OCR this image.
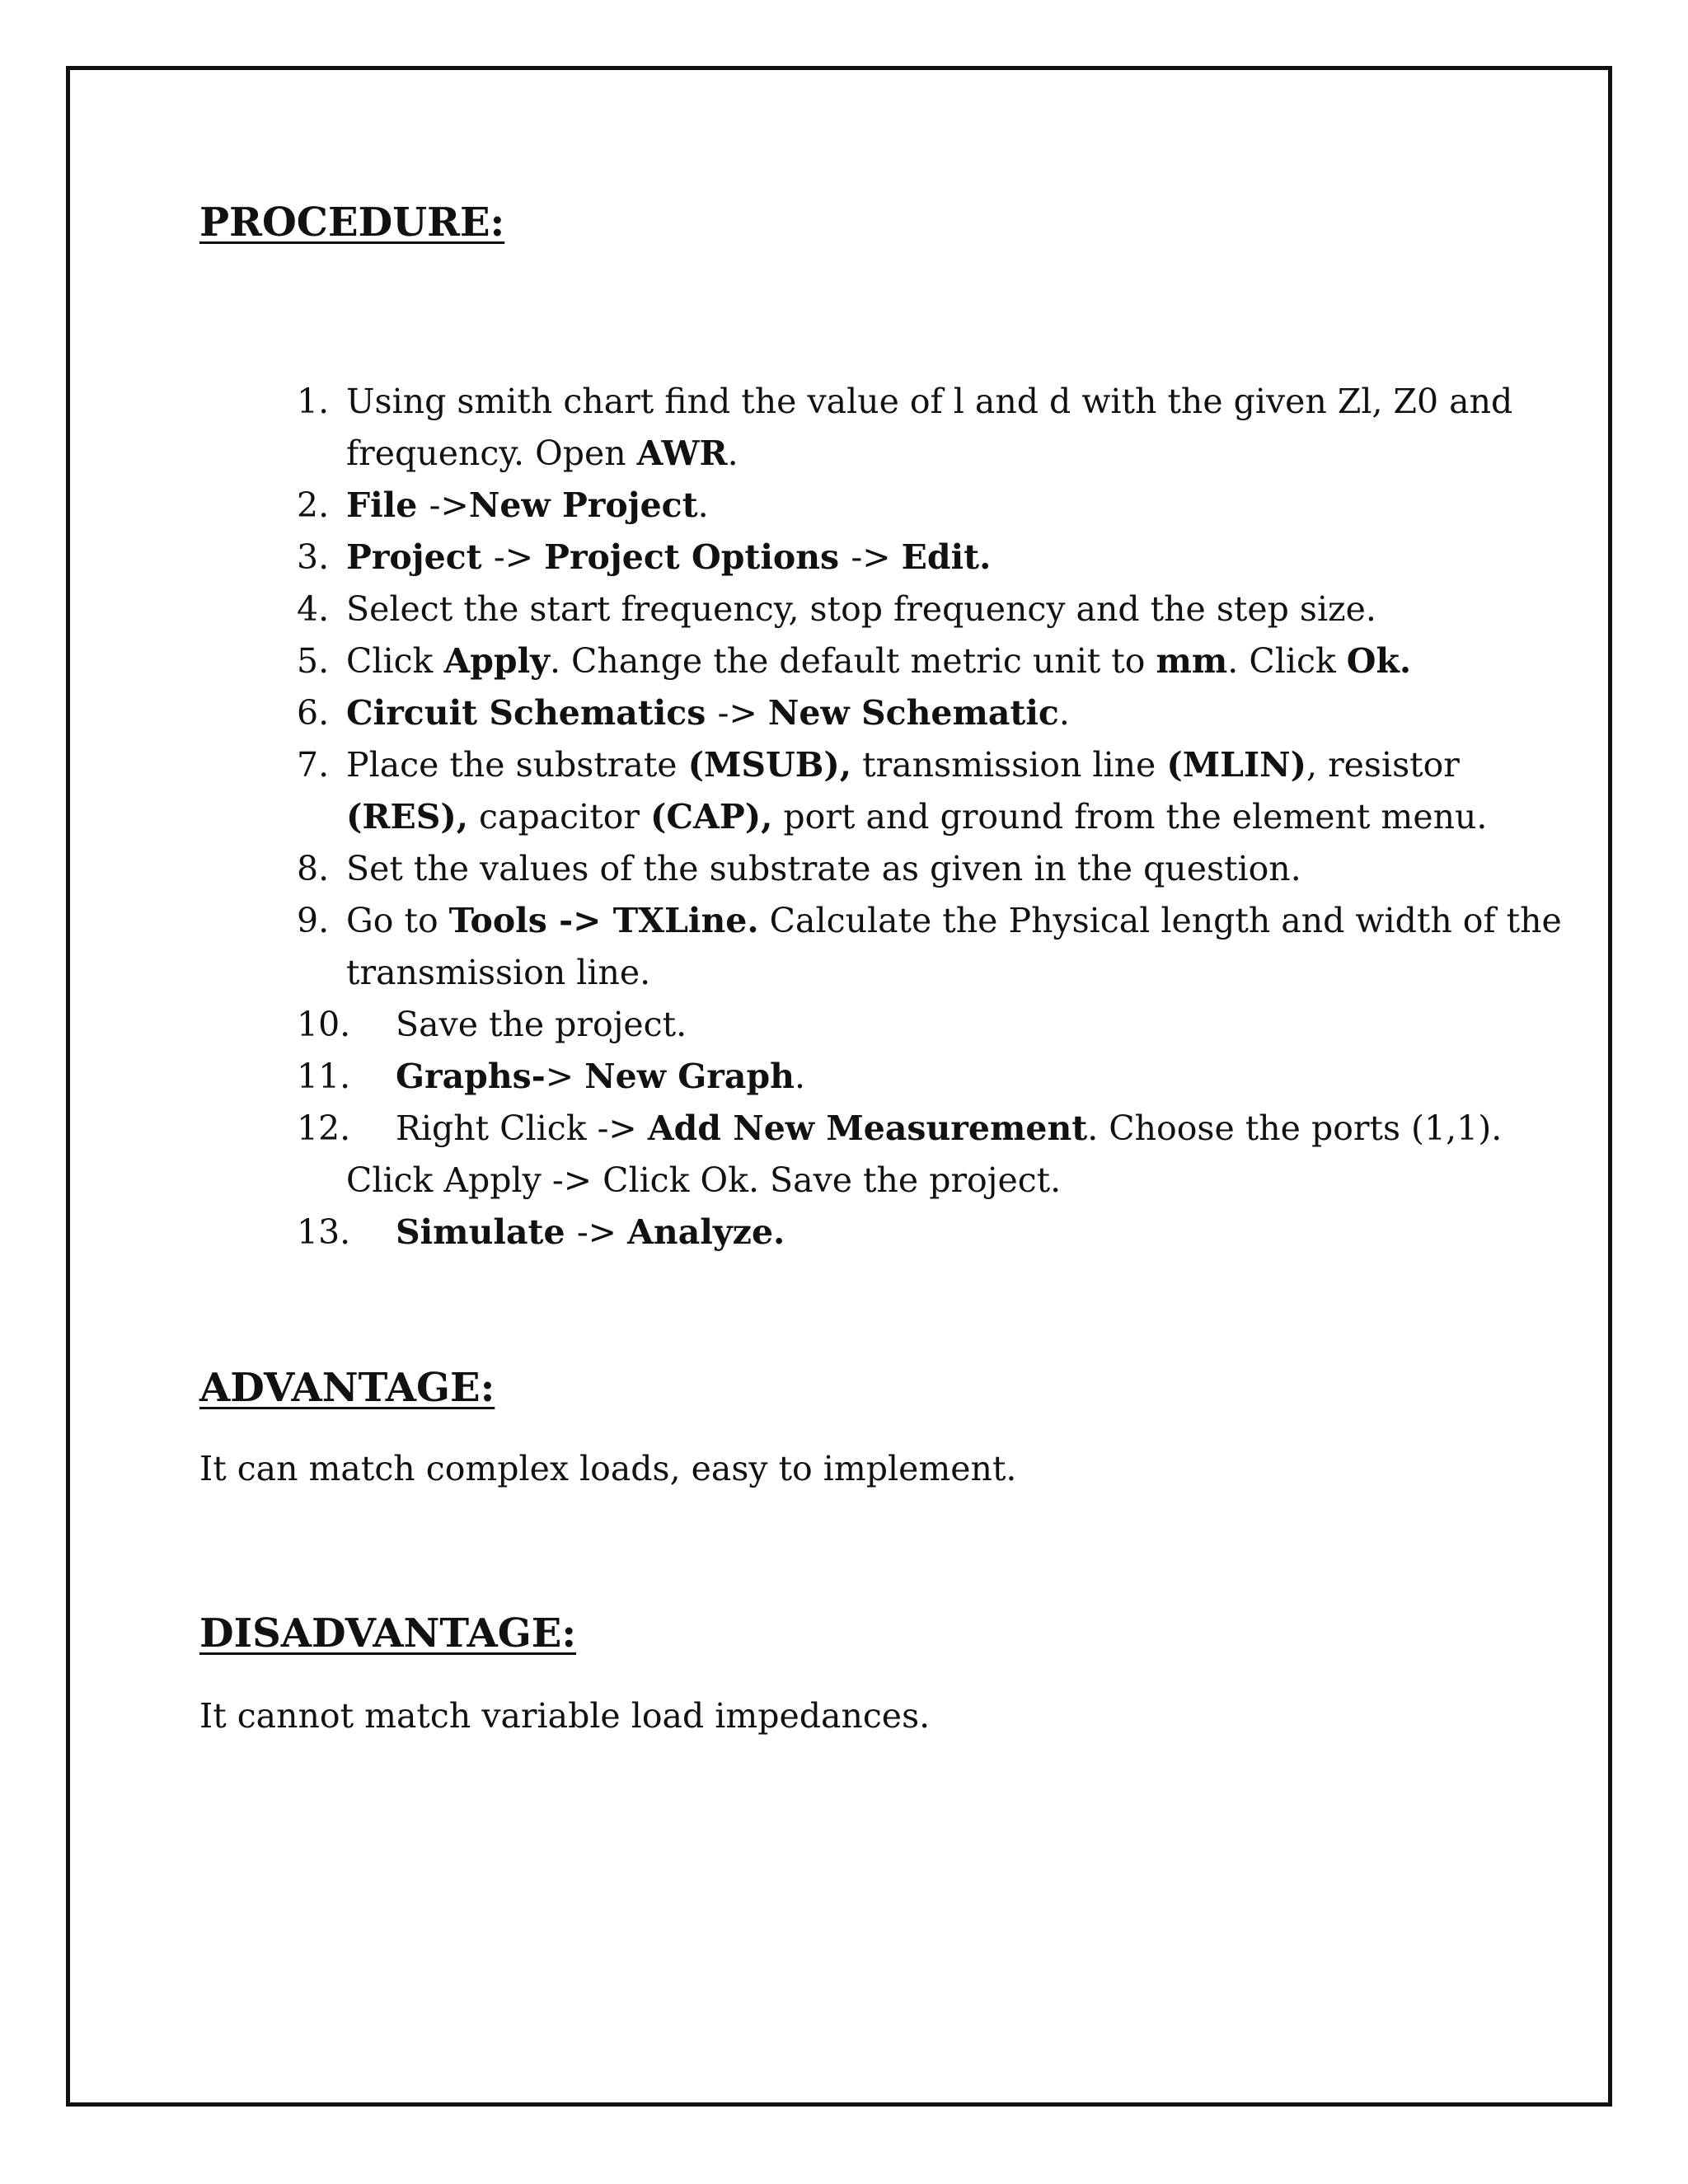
PROCEDURE:
1. Using smith chart find the value of l and d with the given Zl, Z0 and
frequency. Open AWR.
2. File ->New Project.
3. Project -> Project Options -> Edit.
4. Select the start frequency, stop frequency and the step size.
5. Click Apply. Change the default metric unit to mm. Click Ok.
6. Circuit Schematics -> New Schematic.
7. Place the substrate (MSUB), transmission line (MLIN), resistor
(RES), capacitor (CAP), port and ground from the element menu.
8. Set the values of the substrate as given in the question.
9. Go to Tools -> TXLine. Calculate the Physical length and width of the
transmission line.
10.	Save the project.
11.	Graphs-> New Graph.
12.	Right Click -> Add New Measurement. Choose the ports (1,1).
Click Apply -> Click Ok. Save the project.
13.	Simulate -> Analyze.
ADVANTAGE:

It can match complex loads, easy to implement.

DISADVANTAGE:

It cannot match variable load impedances.
